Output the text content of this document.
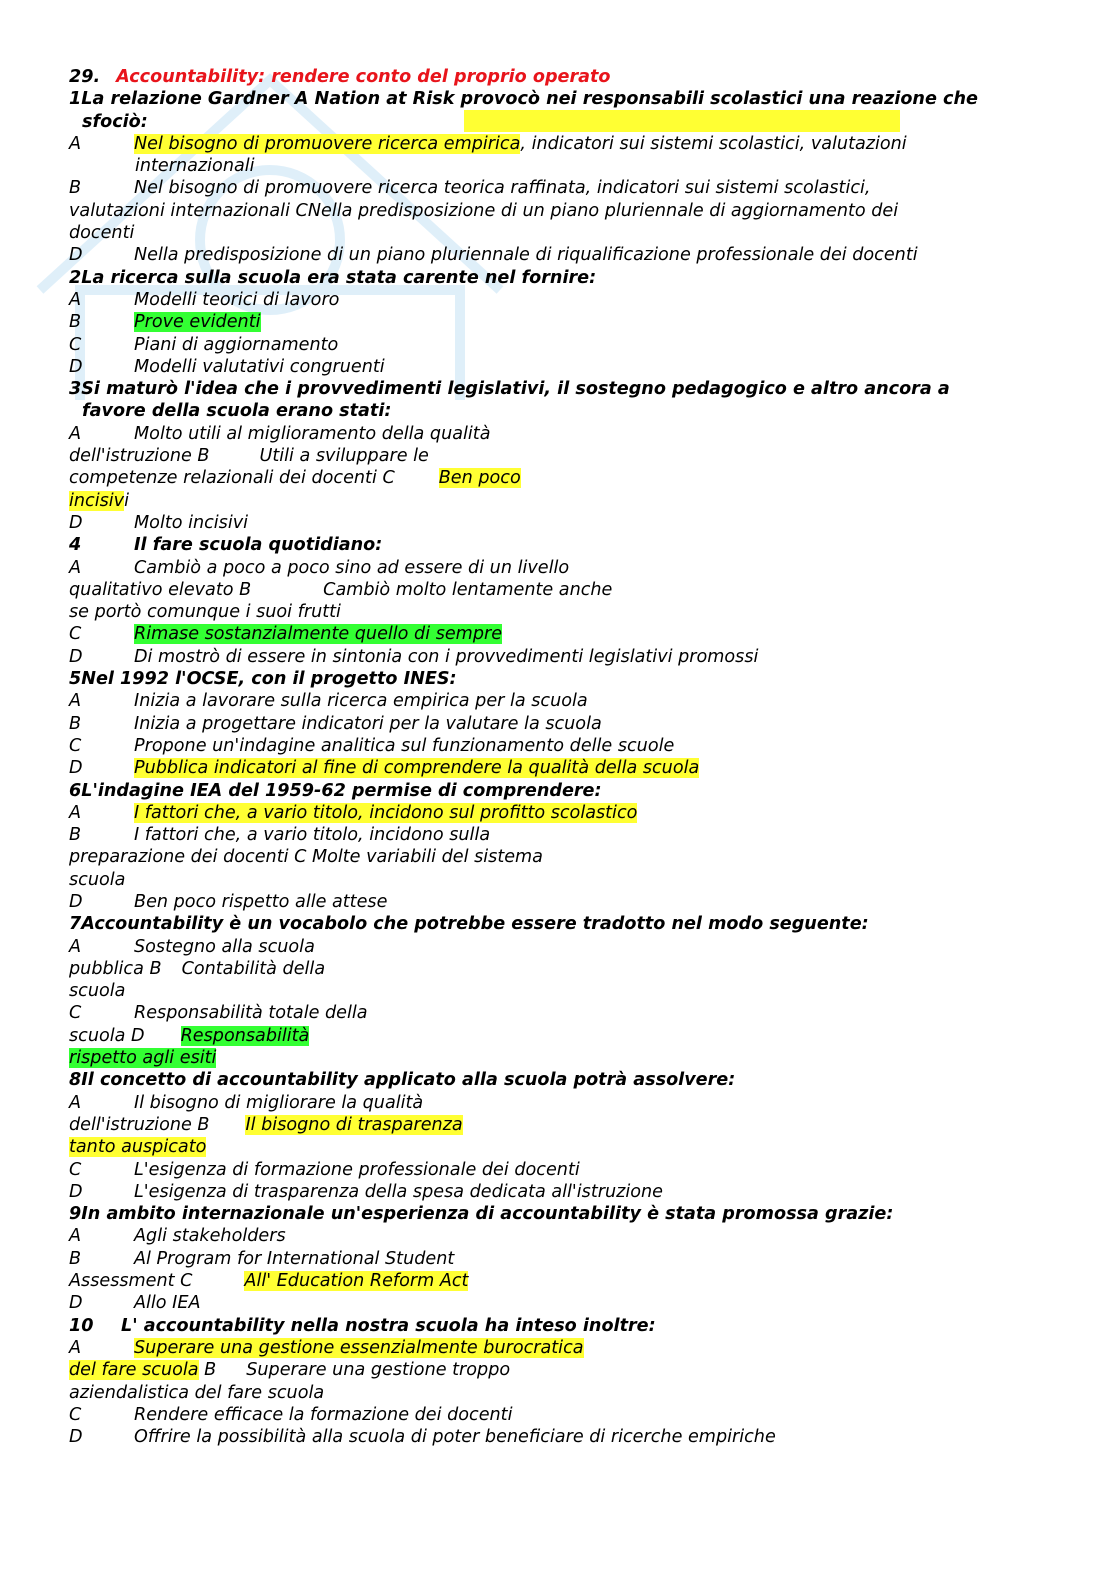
29. Accountability: rendere conto del proprio operato
1La relazione Gardner A Nation at Risk provocò nei responsabili scolastici una reazione che
sfociò:
A	Nel bisogno di promuovere ricerca empirica, indicatori sui sistemi scolastici, valutazioni
internazionali
B	Nel bisogno di promuovere ricerca teorica raffinata, indicatori sui sistemi scolastici,
valutazioni internazionali CNella predisposizione di un piano pluriennale di aggiornamento dei
docenti
D	Nella predisposizione di un piano pluriennale di riqualificazione professionale dei docenti
2La ricerca sulla scuola era stata carente nel fornire:
A	Modelli teorici di lavoro
B	Prove evidenti
C	Piani di aggiornamento
D	Modelli valutativi congruenti
3Si maturò l'idea che i provvedimenti legislativi, il sostegno pedagogico e altro ancora a
favore della scuola erano stati:
A	Molto utili al miglioramento della qualità
dell'istruzione B	Utili a sviluppare le
competenze relazionali dei docenti C	Ben poco
incisivi
D	Molto incisivi
4	Il fare scuola quotidiano:
A	Cambiò a poco a poco sino ad essere di un livello
qualitativo elevato B	Cambiò molto lentamente anche
se portò comunque i suoi frutti
C	Rimase sostanzialmente quello di sempre
D	Di mostrò di essere in sintonia con i provvedimenti legislativi promossi
5Nel 1992 l'OCSE, con il progetto INES:
A	Inizia a lavorare sulla ricerca empirica per la scuola
B	Inizia a progettare indicatori per la valutare la scuola
C	Propone un'indagine analitica sul funzionamento delle scuole
D	Pubblica indicatori al fine di comprendere la qualità della scuola
6L'indagine IEA del 1959-62 permise di comprendere:
A	I fattori che, a vario titolo, incidono sul profitto scolastico
B	I fattori che, a vario titolo, incidono sulla
preparazione dei docenti C Molte variabili del sistema
scuola
D	Ben poco rispetto alle attese
7Accountability è un vocabolo che potrebbe essere tradotto nel modo seguente:
A	Sostegno alla scuola
pubblica B Contabilità della
scuola
C	Responsabilità totale della
scuola D Responsabilità
rispetto agli esiti
8Il concetto di accountability applicato alla scuola potrà assolvere:
A	Il bisogno di migliorare la qualità
dell'istruzione B Il bisogno di trasparenza
tanto auspicato
C	L'esigenza di formazione professionale dei docenti
D	L'esigenza di trasparenza della spesa dedicata all'istruzione
9In ambito internazionale un'esperienza di accountability è stata promossa grazie:
A	Agli stakeholders
B	Al Program for International Student
Assessment C	All' Education Reform Act
D	Allo IEA
10 L' accountability nella nostra scuola ha inteso inoltre:
A	Superare una gestione essenzialmente burocratica
del fare scuola B Superare una gestione troppo
aziendalistica del fare scuola
C	Rendere efficace la formazione dei docenti
D	Offrire la possibilità alla scuola di poter beneficiare di ricerche empiriche
